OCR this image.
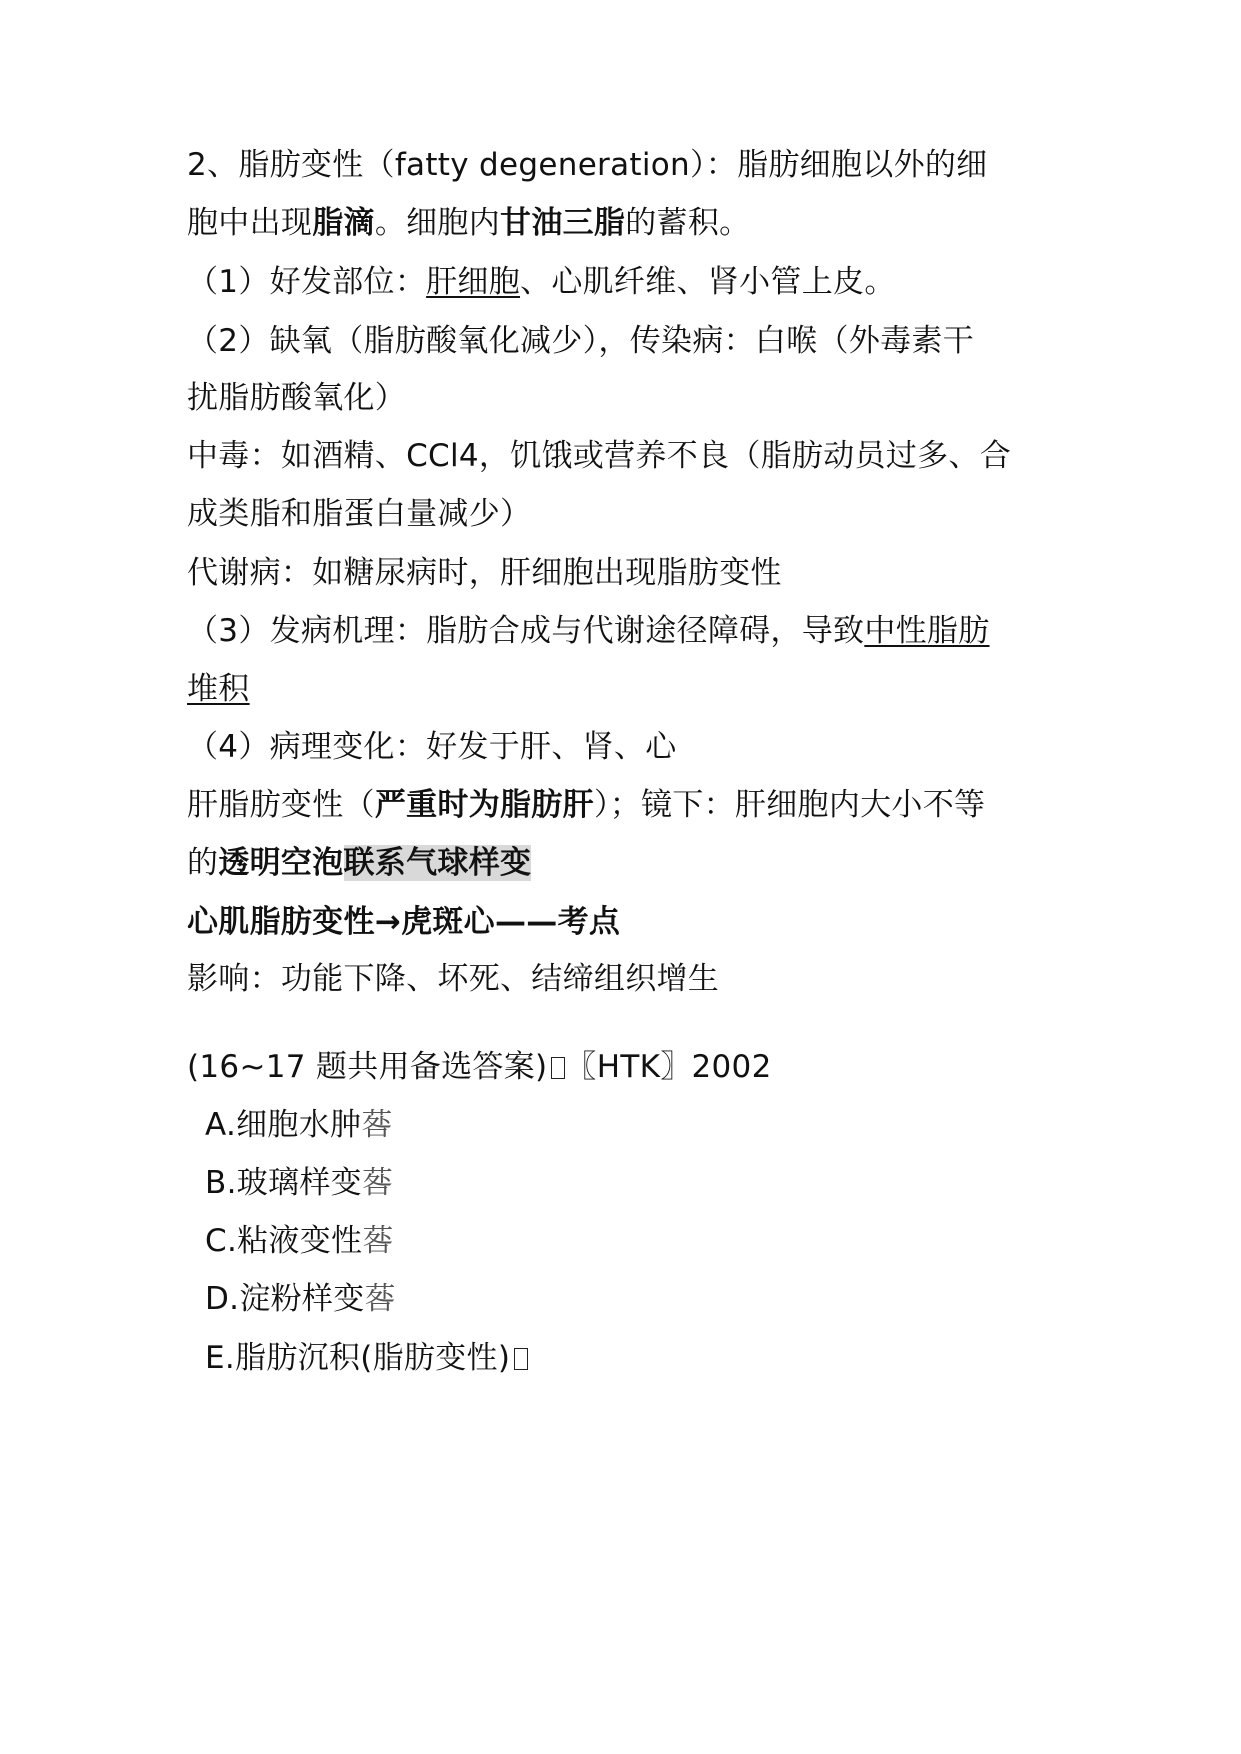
2、脂肪变性（fatty degeneration）：脂肪细胞以外的细
胞中出现脂滴。细胞内甘油三脂的蓄积。
（1）好发部位：肝细胞、心肌纤维、肾小管上皮。
（2）缺氧（脂肪酸氧化减少），传染病：白喉（外毒素干
扰脂肪酸氧化）
中毒：如酒精、CCl4，饥饿或营养不良（脂肪动员过多、合
成类脂和脂蛋白量减少）
代谢病：如糖尿病时，肝细胞出现脂肪变性
（3）发病机理：脂肪合成与代谢途径障碍，导致中性脂肪
堆积
（4）病理变化：好发于肝、肾、心
肝脂肪变性（严重时为脂肪肝）；镜下：肝细胞内大小不等
的透明空泡联系气球样变
心肌脂肪变性→虎斑心——考点
影响：功能下降、坏死、结缔组织增生
(16~17 题共用备选答案) 〖HTK〗2002
A.细胞水肿䓘
B.玻璃样变䓘
C.粘液变性䓘
D.淀粉样变䓘
E.脂肪沉积(脂肪变性)
